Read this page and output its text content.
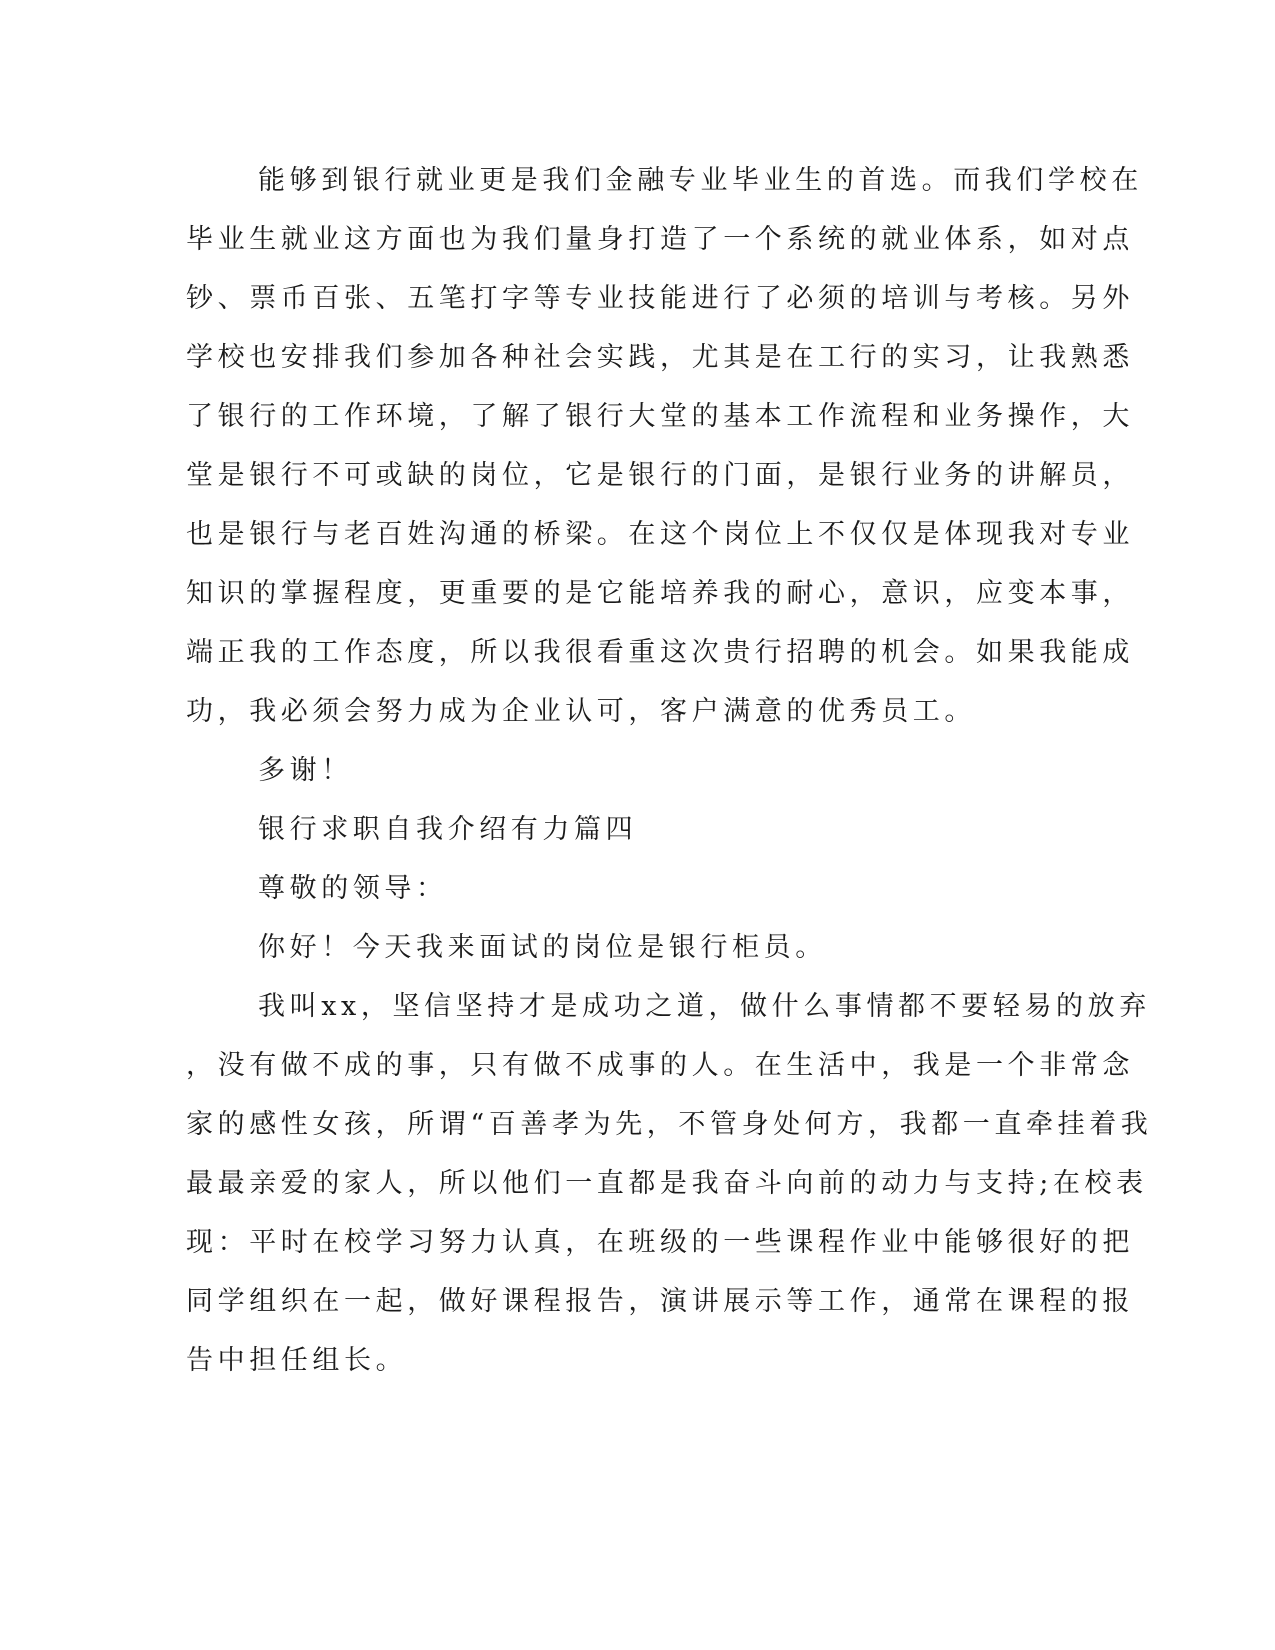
能够到银行就业更是我们金融专业毕业生的首选。而我们学校在
毕业生就业这方面也为我们量身打造了一个系统的就业体系，如对点
钞、票币百张、五笔打字等专业技能进行了必须的培训与考核。另外
学校也安排我们参加各种社会实践，尤其是在工行的实习，让我熟悉
了银行的工作环境，了解了银行大堂的基本工作流程和业务操作，大
堂是银行不可或缺的岗位，它是银行的门面，是银行业务的讲解员，
也是银行与老百姓沟通的桥梁。在这个岗位上不仅仅是体现我对专业
知识的掌握程度，更重要的是它能培养我的耐心，意识，应变本事，
端正我的工作态度，所以我很看重这次贵行招聘的机会。如果我能成
功，我必须会努力成为企业认可，客户满意的优秀员工。
多谢！
银行求职自我介绍有力篇四
尊敬的领导：
你好！今天我来面试的岗位是银行柜员。
我叫xx，坚信坚持才是成功之道，做什么事情都不要轻易的放弃
，没有做不成的事，只有做不成事的人。在生活中，我是一个非常念
家的感性女孩，所谓“百善孝为先，不管身处何方，我都一直牵挂着我
最最亲爱的家人，所以他们一直都是我奋斗向前的动力与支持;在校表
现：平时在校学习努力认真，在班级的一些课程作业中能够很好的把
同学组织在一起，做好课程报告，演讲展示等工作，通常在课程的报
告中担任组长。
